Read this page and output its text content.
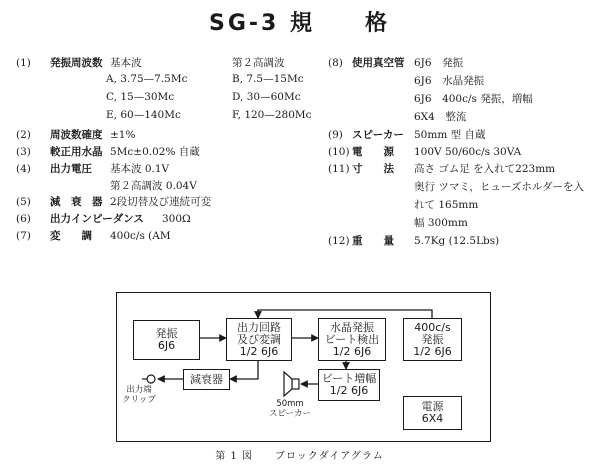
SG-3 規　　格
(1) 発振周波数 基本波	第２高調波
A, 3.75—7.5Mc	B, 7.5—15Mc
C, 15—30Mc	D, 30—60Mc
E, 60—140Mc	F, 120—280Mc
(2) 周波数確度 ±1%
(3) 較正用水晶 5Mc±0.02% 自蔵
(4) 出力電圧 基本波 0.1V
第２高調波 0.04V
(5) 減　衰　器 2段切替及び連続可変
(6) 出力インピーダンス 300Ω
(7) 変　　調 400c/s (AM
(8) 使用真空管 6J6　発振
6J6　水晶発振
6J6　400c/s 発振，増幅
6X4　整流
(9) スピーカー 50mm 型 自蔵
(10) 電　　源 100V 50/60c/s 30VA
(11) 寸　　法 高さ ゴム足 を入れて223mm
奥行 ツマミ，ヒューズホルダーを入
れて 165mm
幅 300mm
(12) 重　　量 5.7Kg (12.5Lbs)
発振
6J6
出力回路
及び変調
1/2 6J6
水晶発振
ビート検出
1/2 6J6
400c/s
発振
1/2 6J6
減衰器	ビート増幅
1/2 6J6
電源
6X4
出力端
クリップ	50mm
スピーカー
第 1 図　　ブロックダイアグラム
